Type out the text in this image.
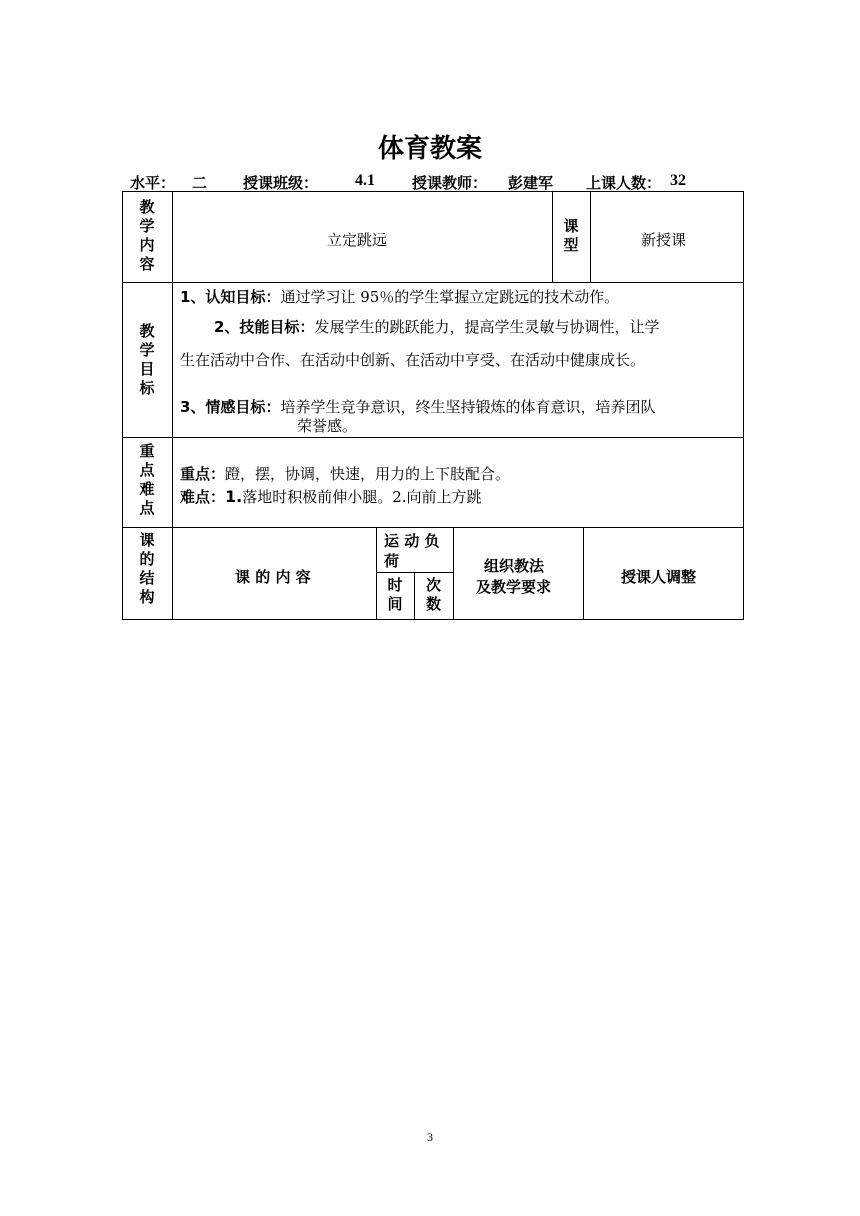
体育教案
水平： 二 授课班级： 4.1 授课教师： 彭建军 上课人数： 32
教
学
内
容
立定跳远
课
型	新授课
教
学
目
标
1、认知目标：通过学习让 95％的学生掌握立定跳远的技术动作。
2、技能目标：发展学生的跳跃能力，提高学生灵敏与协调性，让学
生在活动中合作、在活动中创新、在活动中亨受、在活动中健康成长。
3、情感目标：培养学生竞争意识，终生坚持锻炼的体育意识，培养团队
荣誉感。
重
点
难
点
重点：蹬，摆，协调，快速，用力的上下肢配合。
难点：1.落地时积极前伸小腿。2.向前上方跳
课
的
结
构
课 的 内 容
运 动 负
荷
时
间
次
数
组织教法
及教学要求
授课人调整
3
